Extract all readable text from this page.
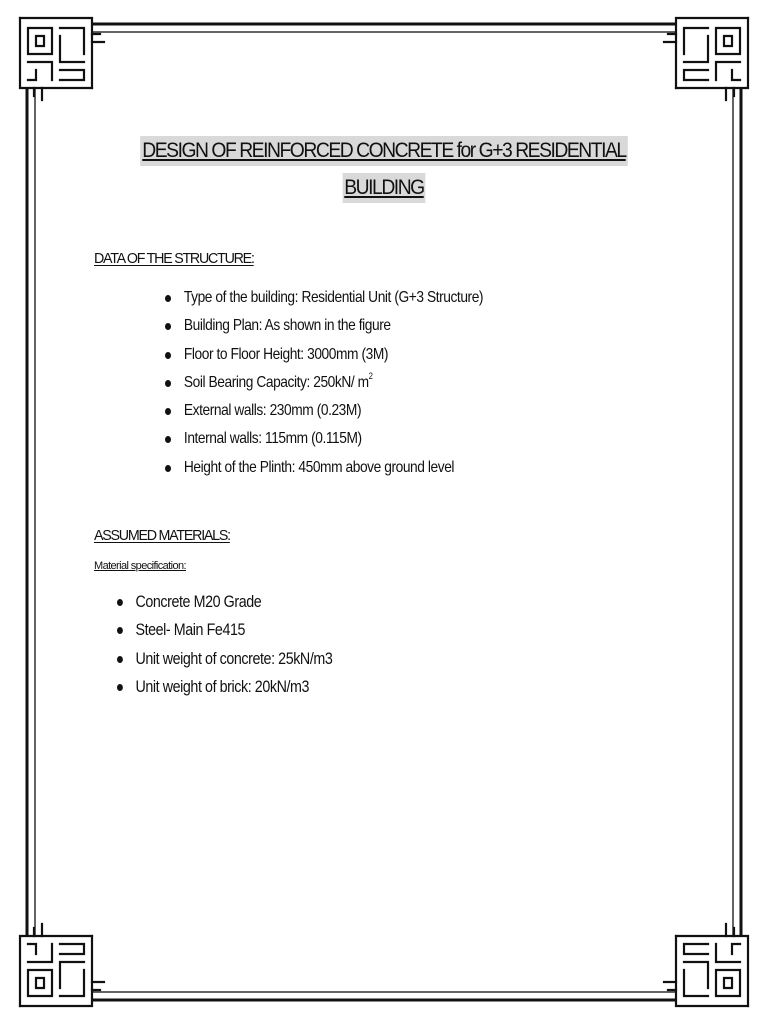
DESIGN OF REINFORCED CONCRETE for G+3 RESIDENTIAL
BUILDING
DATA OF THE STRUCTURE:
Type of the building: Residential Unit (G+3 Structure)
Building Plan: As shown in the figure
Floor to Floor Height: 3000mm (3M)
Soil Bearing Capacity: 250kN/ $m^2$
External walls: 230mm (0.23M)
Internal walls: 115mm (0.115M)
Height of the Plinth: 450mm above ground level
ASSUMED MATERIALS:
Material specification:
Concrete M20 Grade
Steel- Main Fe415
Unit weight of concrete: 25kN/m3
Unit weight of brick: 20kN/m3
